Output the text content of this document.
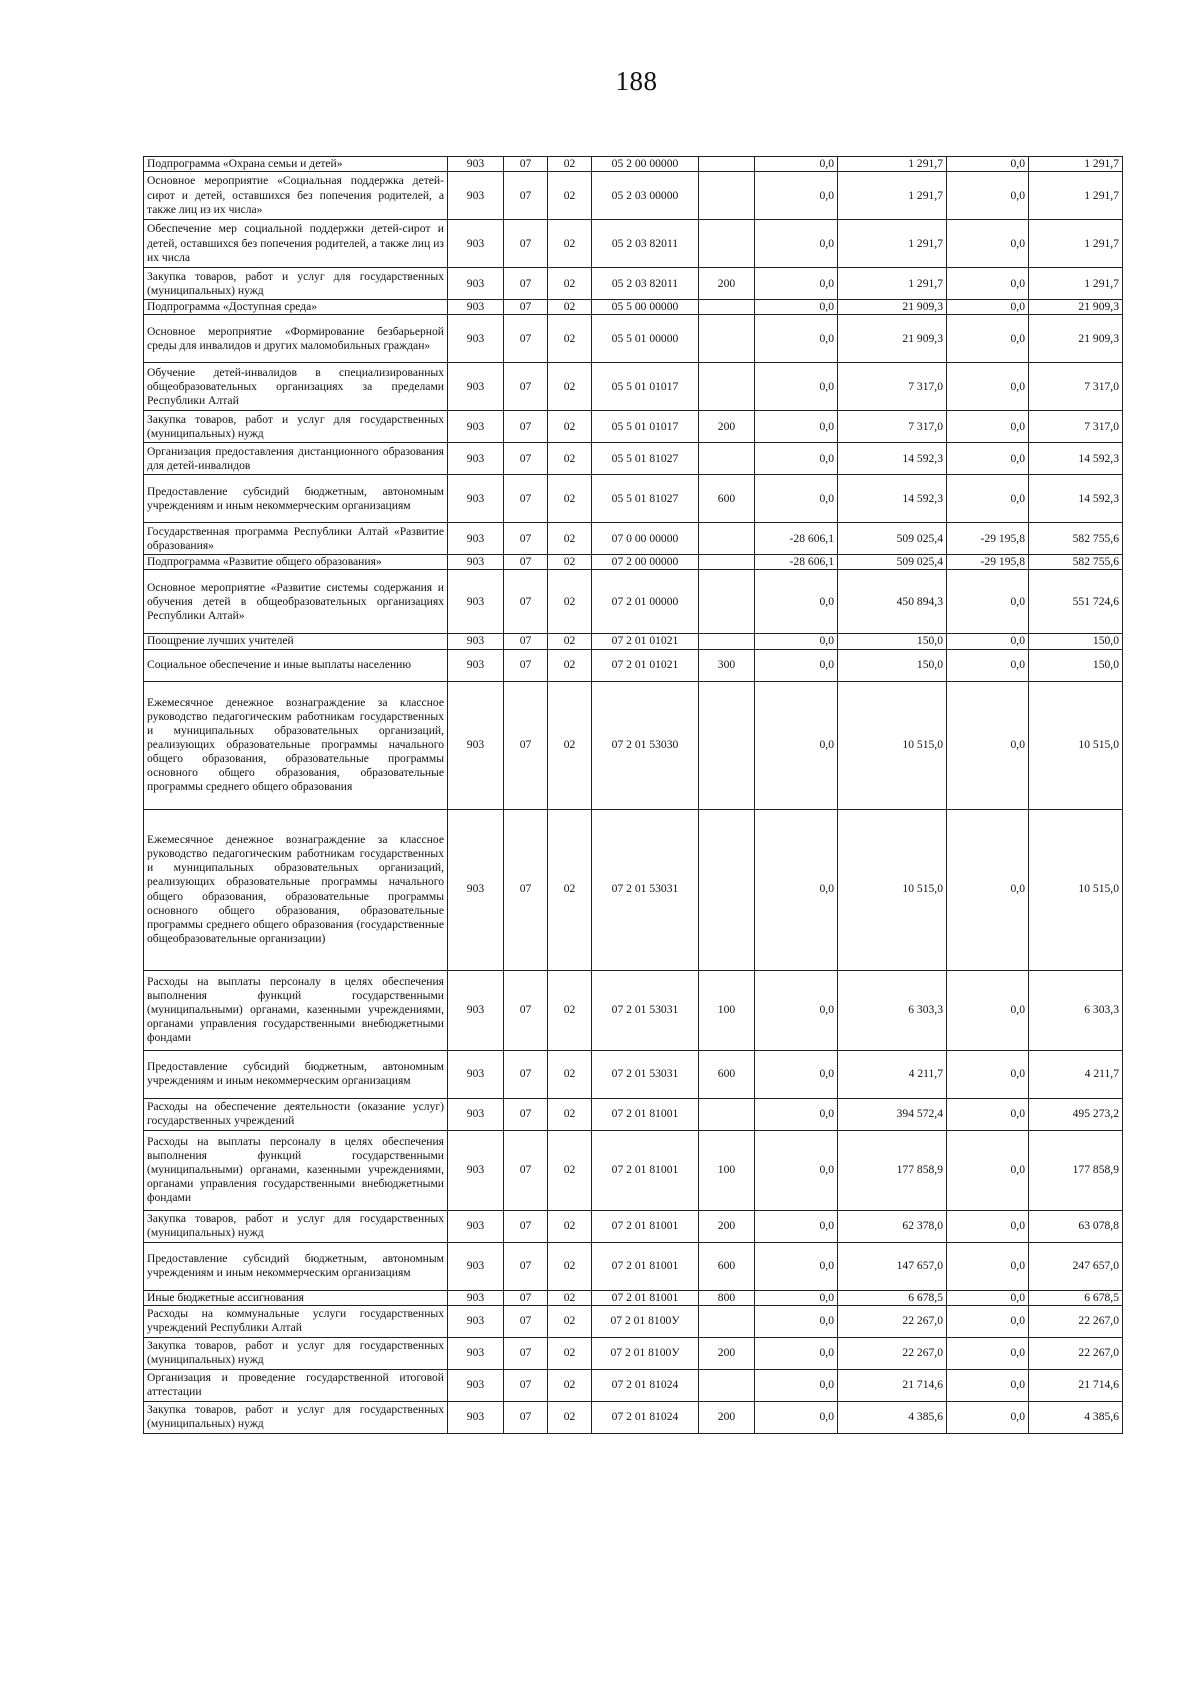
188
Подпрограмма «Охрана семьи и детей»	903	07	02	05 2 00 00000		0,0	1 291,7	0,0	1 291,7
Основное мероприятие «Социальная поддержка детей-сирот и детей, оставшихся без попечения родителей, а также лиц из их числа»	903	07	02	05 2 03 00000		0,0	1 291,7	0,0	1 291,7
Обеспечение мер социальной поддержки детей-сирот и детей, оставшихся без попечения родителей, а также лиц из их числа	903	07	02	05 2 03 82011		0,0	1 291,7	0,0	1 291,7
Закупка товаров, работ и услуг для государственных (муниципальных) нужд	903	07	02	05 2 03 82011	200	0,0	1 291,7	0,0	1 291,7
Подпрограмма «Доступная среда»	903	07	02	05 5 00 00000		0,0	21 909,3	0,0	21 909,3
Основное мероприятие «Формирование безбарьерной среды для инвалидов и других маломобильных граждан»	903	07	02	05 5 01 00000		0,0	21 909,3	0,0	21 909,3
Обучение детей-инвалидов в специализированных общеобразовательных организациях за пределами Республики Алтай	903	07	02	05 5 01 01017		0,0	7 317,0	0,0	7 317,0
Закупка товаров, работ и услуг для государственных (муниципальных) нужд	903	07	02	05 5 01 01017	200	0,0	7 317,0	0,0	7 317,0
Организация предоставления дистанционного образования для детей-инвалидов	903	07	02	05 5 01 81027		0,0	14 592,3	0,0	14 592,3
Предоставление субсидий бюджетным, автономным учреждениям и иным некоммерческим организациям	903	07	02	05 5 01 81027	600	0,0	14 592,3	0,0	14 592,3
Государственная программа Республики Алтай «Развитие образования»	903	07	02	07 0 00 00000		-28 606,1	509 025,4	-29 195,8	582 755,6
Подпрограмма «Развитие общего образования»	903	07	02	07 2 00 00000		-28 606,1	509 025,4	-29 195,8	582 755,6
Основное мероприятие «Развитие системы содержания и обучения детей в общеобразовательных организациях Республики Алтай»	903	07	02	07 2 01 00000		0,0	450 894,3	0,0	551 724,6
Поощрение лучших учителей	903	07	02	07 2 01 01021		0,0	150,0	0,0	150,0
Социальное обеспечение и иные выплаты населению	903	07	02	07 2 01 01021	300	0,0	150,0	0,0	150,0
Ежемесячное денежное вознаграждение за классное руководство педагогическим работникам государственных и муниципальных образовательных организаций, реализующих образовательные программы начального общего образования, образовательные программы основного общего образования, образовательные программы среднего общего образования	903	07	02	07 2 01 53030		0,0	10 515,0	0,0	10 515,0
Ежемесячное денежное вознаграждение за классное руководство педагогическим работникам государственных и муниципальных образовательных организаций, реализующих образовательные программы начального общего образования, образовательные программы основного общего образования, образовательные программы среднего общего образования (государственные общеобразовательные организации)	903	07	02	07 2 01 53031		0,0	10 515,0	0,0	10 515,0
Расходы на выплаты персоналу в целях обеспечения выполнения функций государственными (муниципальными) органами, казенными учреждениями, органами управления государственными внебюджетными фондами	903	07	02	07 2 01 53031	100	0,0	6 303,3	0,0	6 303,3
Предоставление субсидий бюджетным, автономным учреждениям и иным некоммерческим организациям	903	07	02	07 2 01 53031	600	0,0	4 211,7	0,0	4 211,7
Расходы на обеспечение деятельности (оказание услуг) государственных учреждений	903	07	02	07 2 01 81001		0,0	394 572,4	0,0	495 273,2
Расходы на выплаты персоналу в целях обеспечения выполнения функций государственными (муниципальными) органами, казенными учреждениями, органами управления государственными внебюджетными фондами	903	07	02	07 2 01 81001	100	0,0	177 858,9	0,0	177 858,9
Закупка товаров, работ и услуг для государственных (муниципальных) нужд	903	07	02	07 2 01 81001	200	0,0	62 378,0	0,0	63 078,8
Предоставление субсидий бюджетным, автономным учреждениям и иным некоммерческим организациям	903	07	02	07 2 01 81001	600	0,0	147 657,0	0,0	247 657,0
Иные бюджетные ассигнования	903	07	02	07 2 01 81001	800	0,0	6 678,5	0,0	6 678,5
Расходы на коммунальные услуги государственных учреждений Республики Алтай	903	07	02	07 2 01 8100У		0,0	22 267,0	0,0	22 267,0
Закупка товаров, работ и услуг для государственных (муниципальных) нужд	903	07	02	07 2 01 8100У	200	0,0	22 267,0	0,0	22 267,0
Организация и проведение государственной итоговой аттестации	903	07	02	07 2 01 81024		0,0	21 714,6	0,0	21 714,6
Закупка товаров, работ и услуг для государственных (муниципальных) нужд	903	07	02	07 2 01 81024	200	0,0	4 385,6	0,0	4 385,6
